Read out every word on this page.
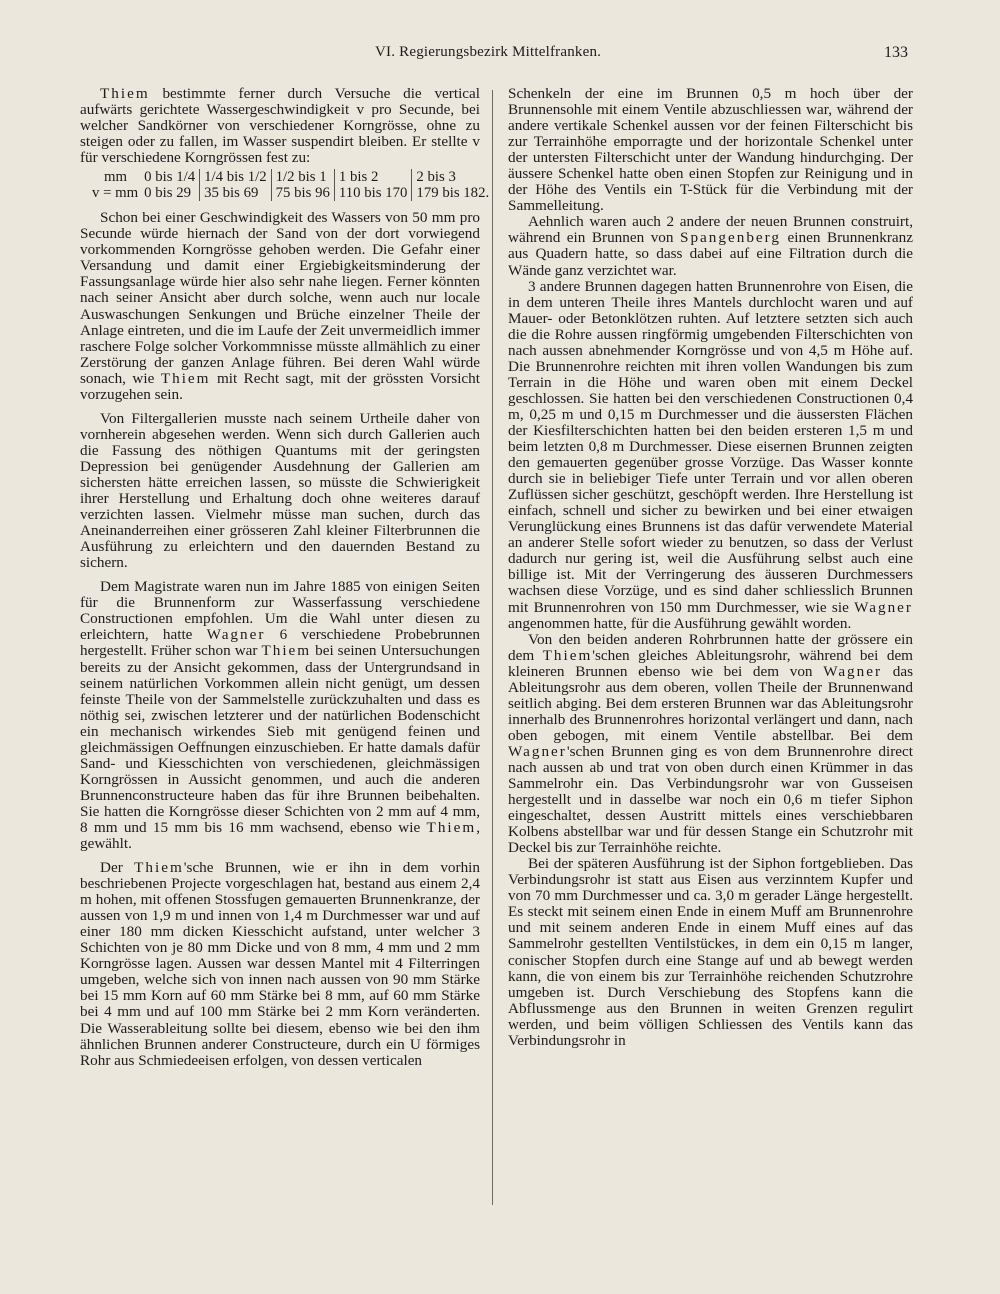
VI. Regierungsbezirk Mittelfranken.	133

Thiem bestimmte ferner durch Versuche die vertical aufwärts gerichtete Wassergeschwindigkeit v pro Secunde, bei welcher Sandkörner von verschiedener Korngrösse, ohne zu steigen oder zu fallen, im Wasser suspendirt bleiben. Er stellte v für verschiedene Korngrössen fest zu:

mm	0 bis 1/4	1/4 bis 1/2	1/2 bis 1	1 bis 2	2 bis 3
v = mm	0 bis 29	35 bis 69	75 bis 96	110 bis 170	179 bis 182.

Schon bei einer Geschwindigkeit des Wassers von 50 mm pro Secunde würde hiernach der Sand von der dort vorwiegend vorkommenden Korngrösse gehoben werden. Die Gefahr einer Versandung und damit einer Ergiebigkeitsminderung der Fassungsanlage würde hier also sehr nahe liegen. Ferner könnten nach seiner Ansicht aber durch solche, wenn auch nur locale Auswaschungen Senkungen und Brüche einzelner Theile der Anlage eintreten, und die im Laufe der Zeit unvermeidlich immer raschere Folge solcher Vorkommnisse müsste allmählich zu einer Zerstörung der ganzen Anlage führen. Bei deren Wahl würde sonach, wie Thiem mit Recht sagt, mit der grössten Vorsicht vorzugehen sein.

Von Filtergallerien musste nach seinem Urtheile daher von vornherein abgesehen werden. Wenn sich durch Gallerien auch die Fassung des nöthigen Quantums mit der geringsten Depression bei genügender Ausdehnung der Gallerien am sichersten hätte erreichen lassen, so müsste die Schwierigkeit ihrer Herstellung und Erhaltung doch ohne weiteres darauf verzichten lassen. Vielmehr müsse man suchen, durch das Aneinanderreihen einer grösseren Zahl kleiner Filterbrunnen die Ausführung zu erleichtern und den dauernden Bestand zu sichern.

Dem Magistrate waren nun im Jahre 1885 von einigen Seiten für die Brunnenform zur Wasserfassung verschiedene Constructionen empfohlen. Um die Wahl unter diesen zu erleichtern, hatte Wagner 6 verschiedene Probebrunnen hergestellt. Früher schon war Thiem bei seinen Untersuchungen bereits zu der Ansicht gekommen, dass der Untergrundsand in seinem natürlichen Vorkommen allein nicht genügt, um dessen feinste Theile von der Sammelstelle zurückzuhalten und dass es nöthig sei, zwischen letzterer und der natürlichen Bodenschicht ein mechanisch wirkendes Sieb mit genügend feinen und gleichmässigen Oeffnungen einzuschieben. Er hatte damals dafür Sand- und Kiesschichten von verschiedenen, gleichmässigen Korngrössen in Aussicht genommen, und auch die anderen Brunnenconstructeure haben das für ihre Brunnen beibehalten. Sie hatten die Korngrösse dieser Schichten von 2 mm auf 4 mm, 8 mm und 15 mm bis 16 mm wachsend, ebenso wie Thiem, gewählt.

Der Thiem'sche Brunnen, wie er ihn in dem vorhin beschriebenen Projecte vorgeschlagen hat, bestand aus einem 2,4 m hohen, mit offenen Stossfugen gemauerten Brunnenkranze, der aussen von 1,9 m und innen von 1,4 m Durchmesser war und auf einer 180 mm dicken Kiesschicht aufstand, unter welcher 3 Schichten von je 80 mm Dicke und von 8 mm, 4 mm und 2 mm Korngrösse lagen. Aussen war dessen Mantel mit 4 Filterringen umgeben, welche sich von innen nach aussen von 90 mm Stärke bei 15 mm Korn auf 60 mm Stärke bei 8 mm, auf 60 mm Stärke bei 4 mm und auf 100 mm Stärke bei 2 mm Korn veränderten. Die Wasserableitung sollte bei diesem, ebenso wie bei den ihm ähnlichen Brunnen anderer Constructeure, durch ein U förmiges Rohr aus Schmiedeeisen erfolgen, von dessen verticalen

Schenkeln der eine im Brunnen 0,5 m hoch über der Brunnensohle mit einem Ventile abzuschliessen war, während der andere vertikale Schenkel aussen vor der feinen Filterschicht bis zur Terrainhöhe emporragte und der horizontale Schenkel unter der untersten Filterschicht unter der Wandung hindurchging. Der äussere Schenkel hatte oben einen Stopfen zur Reinigung und in der Höhe des Ventils ein T-Stück für die Verbindung mit der Sammelleitung.

Aehnlich waren auch 2 andere der neuen Brunnen construirt, während ein Brunnen von Spangenberg einen Brunnenkranz aus Quadern hatte, so dass dabei auf eine Filtration durch die Wände ganz verzichtet war.

3 andere Brunnen dagegen hatten Brunnenrohre von Eisen, die in dem unteren Theile ihres Mantels durchlocht waren und auf Mauer- oder Betonklötzen ruhten. Auf letztere setzten sich auch die die Rohre aussen ringförmig umgebenden Filterschichten von nach aussen abnehmender Korngrösse und von 4,5 m Höhe auf. Die Brunnenrohre reichten mit ihren vollen Wandungen bis zum Terrain in die Höhe und waren oben mit einem Deckel geschlossen. Sie hatten bei den verschiedenen Constructionen 0,4 m, 0,25 m und 0,15 m Durchmesser und die äussersten Flächen der Kiesfilterschichten hatten bei den beiden ersteren 1,5 m und beim letzten 0,8 m Durchmesser. Diese eisernen Brunnen zeigten den gemauerten gegenüber grosse Vorzüge. Das Wasser konnte durch sie in beliebiger Tiefe unter Terrain und vor allen oberen Zuflüssen sicher geschützt, geschöpft werden. Ihre Herstellung ist einfach, schnell und sicher zu bewirken und bei einer etwaigen Verunglückung eines Brunnens ist das dafür verwendete Material an anderer Stelle sofort wieder zu benutzen, so dass der Verlust dadurch nur gering ist, weil die Ausführung selbst auch eine billige ist. Mit der Verringerung des äusseren Durchmessers wachsen diese Vorzüge, und es sind daher schliesslich Brunnen mit Brunnenrohren von 150 mm Durchmesser, wie sie Wagner angenommen hatte, für die Ausführung gewählt worden.

Von den beiden anderen Rohrbrunnen hatte der grössere ein dem Thiem'schen gleiches Ableitungsrohr, während bei dem kleineren Brunnen ebenso wie bei dem von Wagner das Ableitungsrohr aus dem oberen, vollen Theile der Brunnenwand seitlich abging. Bei dem ersteren Brunnen war das Ableitungsrohr innerhalb des Brunnenrohres horizontal verlängert und dann, nach oben gebogen, mit einem Ventile abstellbar. Bei dem Wagner'schen Brunnen ging es von dem Brunnenrohre direct nach aussen ab und trat von oben durch einen Krümmer in das Sammelrohr ein. Das Verbindungsrohr war von Gusseisen hergestellt und in dasselbe war noch ein 0,6 m tiefer Siphon eingeschaltet, dessen Austritt mittels eines verschiebbaren Kolbens abstellbar war und für dessen Stange ein Schutzrohr mit Deckel bis zur Terrainhöhe reichte.

Bei der späteren Ausführung ist der Siphon fortgeblieben. Das Verbindungsrohr ist statt aus Eisen aus verzinntem Kupfer und von 70 mm Durchmesser und ca. 3,0 m gerader Länge hergestellt. Es steckt mit seinem einen Ende in einem Muff am Brunnenrohre und mit seinem anderen Ende in einem Muff eines auf das Sammelrohr gestellten Ventilstückes, in dem ein 0,15 m langer, conischer Stopfen durch eine Stange auf und ab bewegt werden kann, die von einem bis zur Terrainhöhe reichenden Schutzrohre umgeben ist. Durch Verschiebung des Stopfens kann die Abflussmenge aus den Brunnen in weiten Grenzen regulirt werden, und beim völligen Schliessen des Ventils kann das Verbindungsrohr in
